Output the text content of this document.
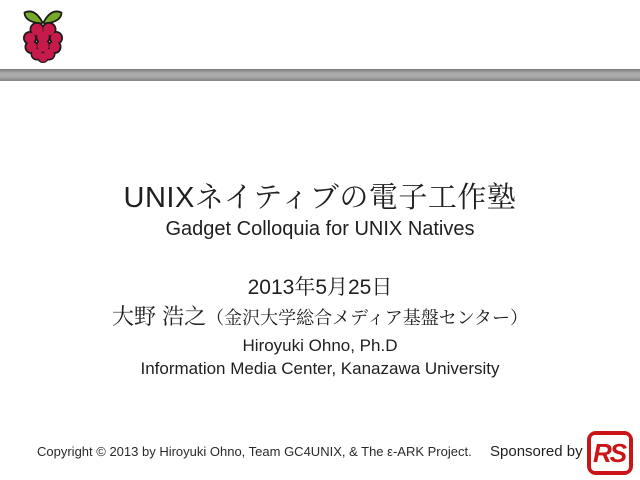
UNIXネイティブの電子工作塾
Gadget Colloquia for UNIX Natives
2013年5月25日
大野 浩之（金沢大学総合メディア基盤センター）
Hiroyuki Ohno, Ph.D
Information Media Center, Kanazawa University
Copyright © 2013 by Hiroyuki Ohno, Team GC4UNIX, & The ε-ARK Project. Sponsored by RS
